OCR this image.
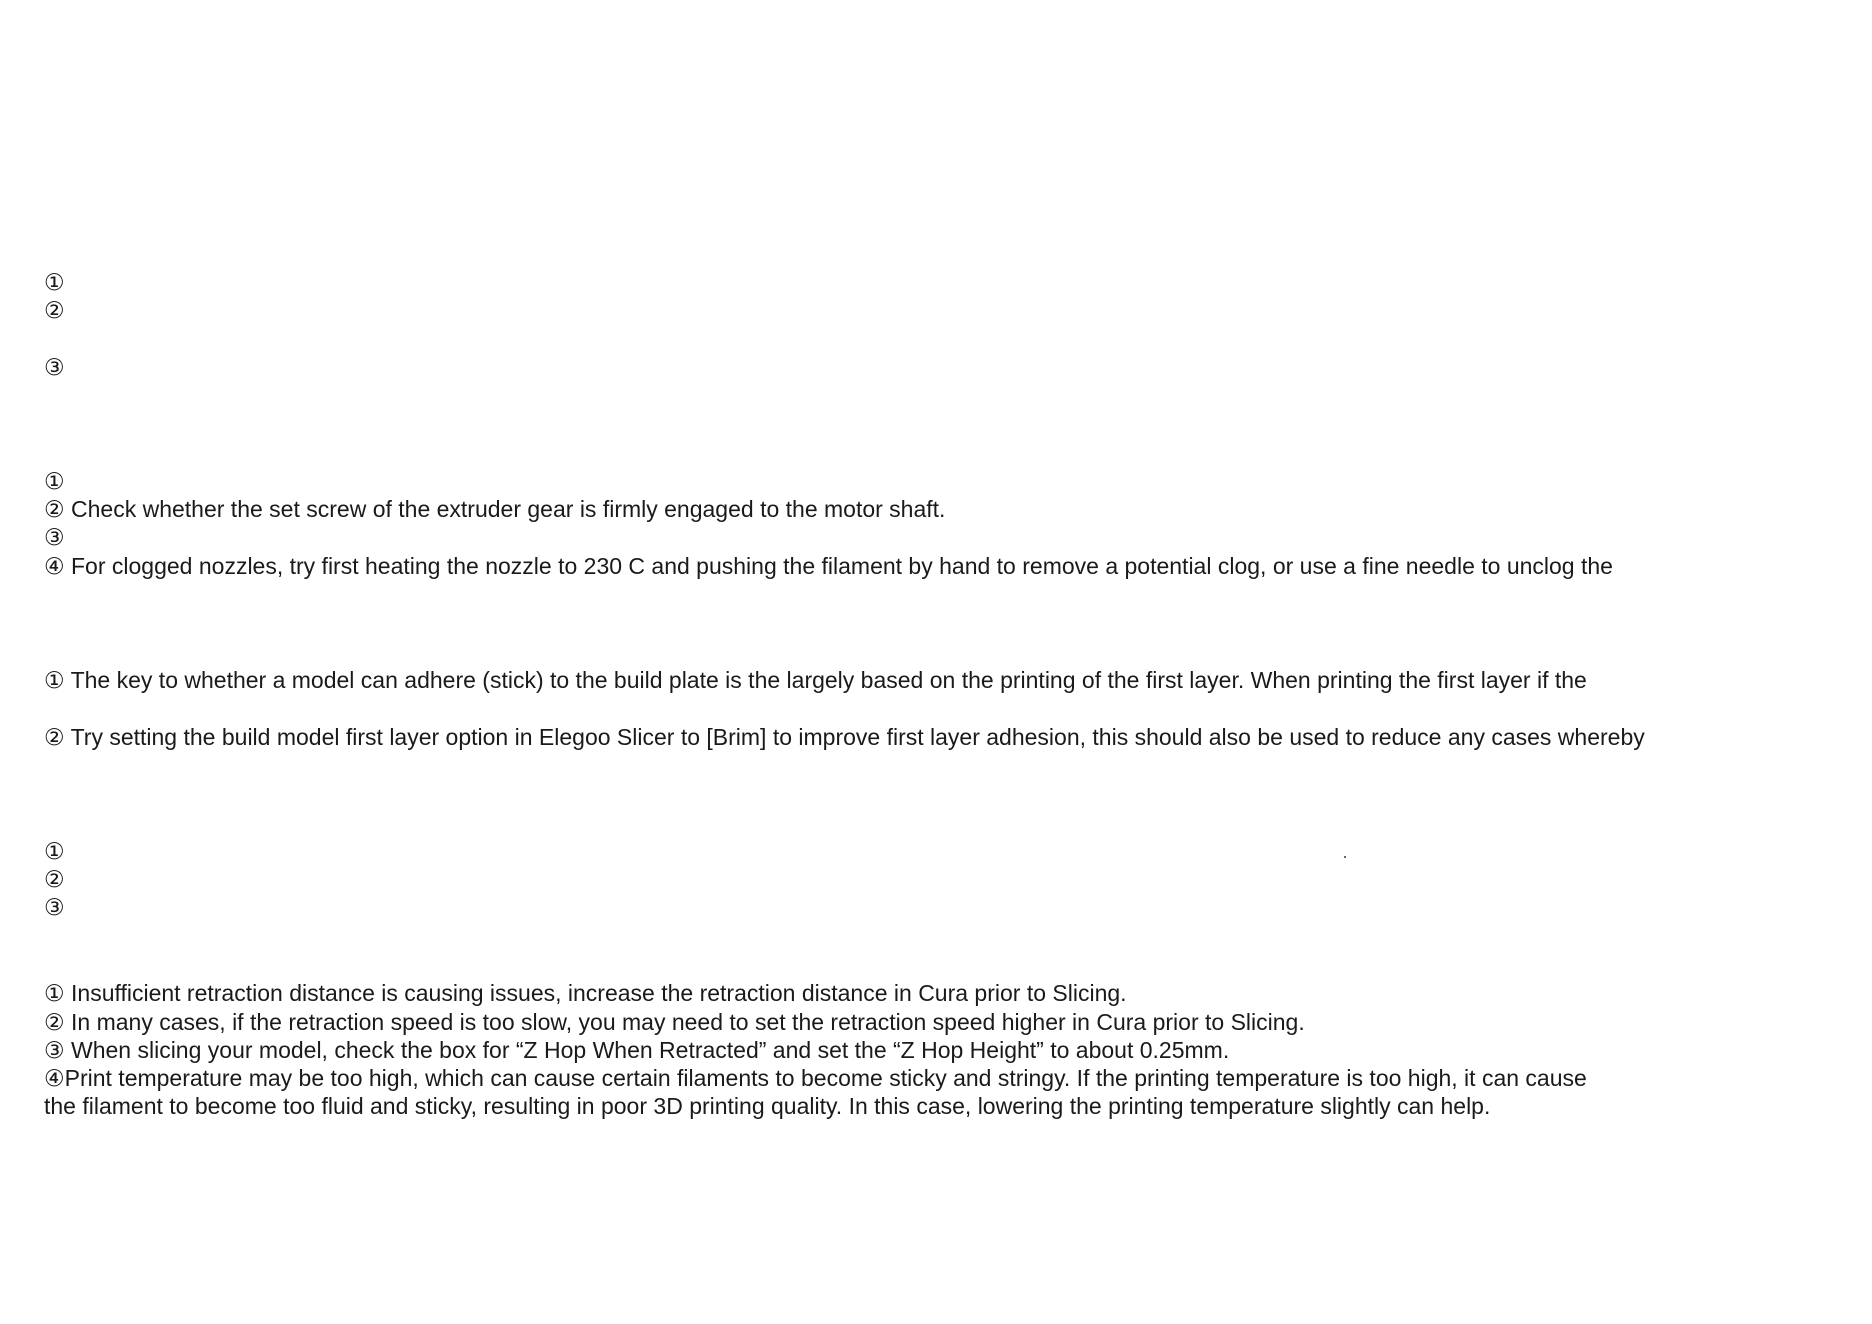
①

②

③

①

② Check whether the set screw of the extruder gear is firmly engaged to the motor shaft.

③

④ For clogged nozzles, try first heating the nozzle to 230 C and pushing the filament by hand to remove a potential clog, or use a fine needle to unclog the

① The key to whether a model can adhere (stick) to the build plate is the largely based on the printing of the first layer. When printing the first layer if the

② Try setting the build model first layer option in Elegoo Slicer to [Brim] to improve first layer adhesion, this should also be used to reduce any cases whereby

①

②

③

① Insufficient retraction distance is causing issues, increase the retraction distance in Cura prior to Slicing.

② In many cases, if the retraction speed is too slow, you may need to set the retraction speed higher in Cura prior to Slicing.

③ When slicing your model, check the box for “Z Hop When Retracted” and set the “Z Hop Height” to about 0.25mm.

④Print temperature may be too high, which can cause certain filaments to become sticky and stringy. If the printing temperature is too high, it can cause

the filament to become too fluid and sticky, resulting in poor 3D printing quality. In this case, lowering the printing temperature slightly can help.
